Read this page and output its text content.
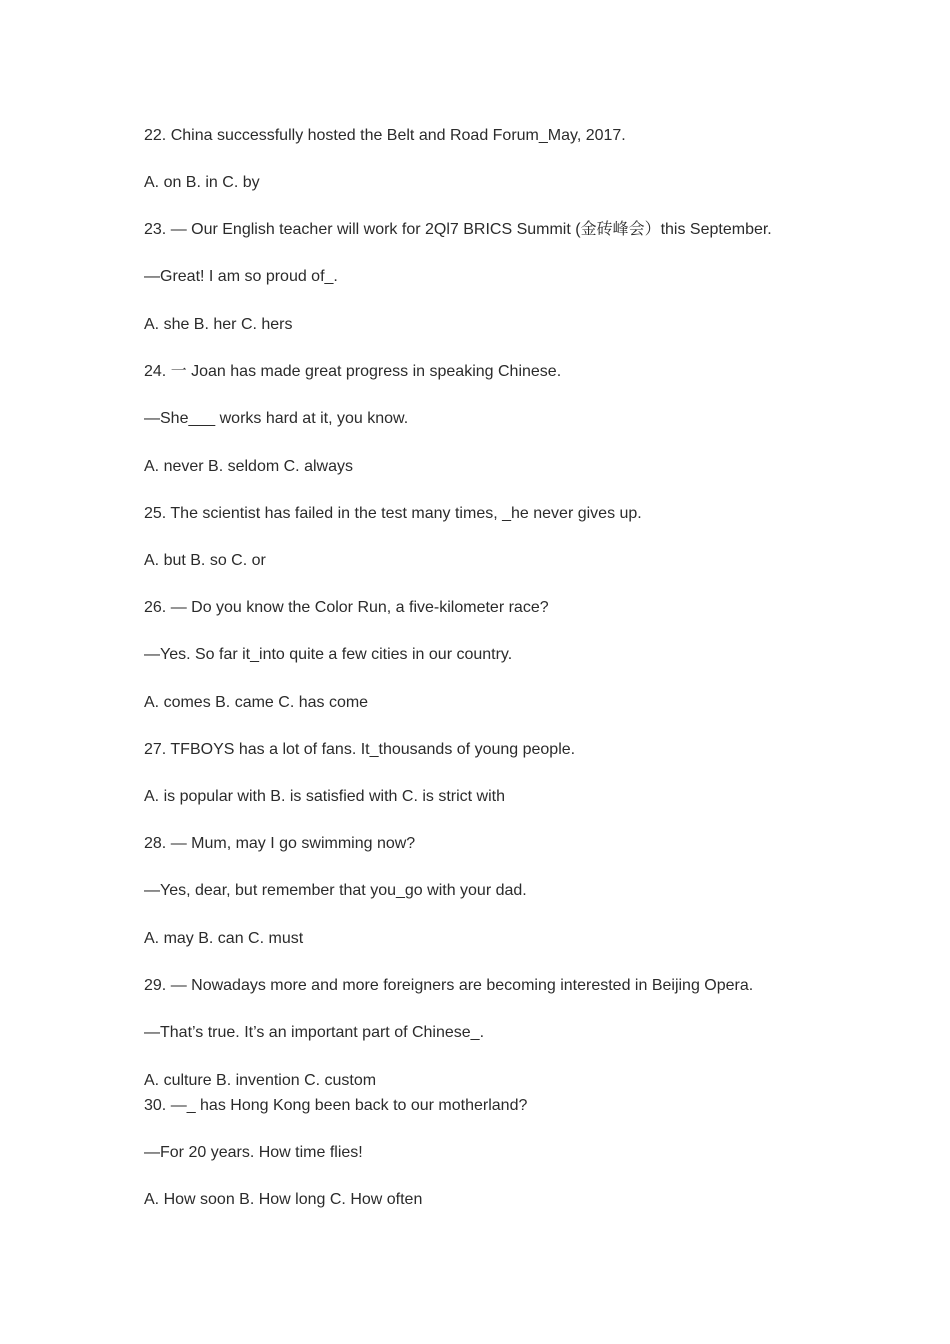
22. China successfully hosted the Belt and Road Forum_May, 2017.
A. on B. in C. by
23. — Our English teacher will work for 2Ql7 BRICS Summit (金砖峰会）this September.
—Great! I am so proud of_.
A. she B. her C. hers
24. 一 Joan has made great progress in speaking Chinese.
—She___ works hard at it, you know.
A. never B. seldom C. always
25. The scientist has failed in the test many times, _he never gives up.
A. but B. so C. or
26. — Do you know the Color Run, a five-kilometer race?
—Yes. So far it_into quite a few cities in our country.
A. comes B. came C. has come
27. TFBOYS has a lot of fans. It_thousands of young people.
A. is popular with B. is satisfied with C. is strict with
28. — Mum, may I go swimming now?
—Yes, dear, but remember that you_go with your dad.
A. may B. can C. must
29. — Nowadays more and more foreigners are becoming interested in Beijing Opera.
—That’s true. It’s an important part of Chinese_.
A. culture B. invention C. custom
30. —_ has Hong Kong been back to our motherland?
—For 20 years. How time flies!
A. How soon B. How long C. How often
